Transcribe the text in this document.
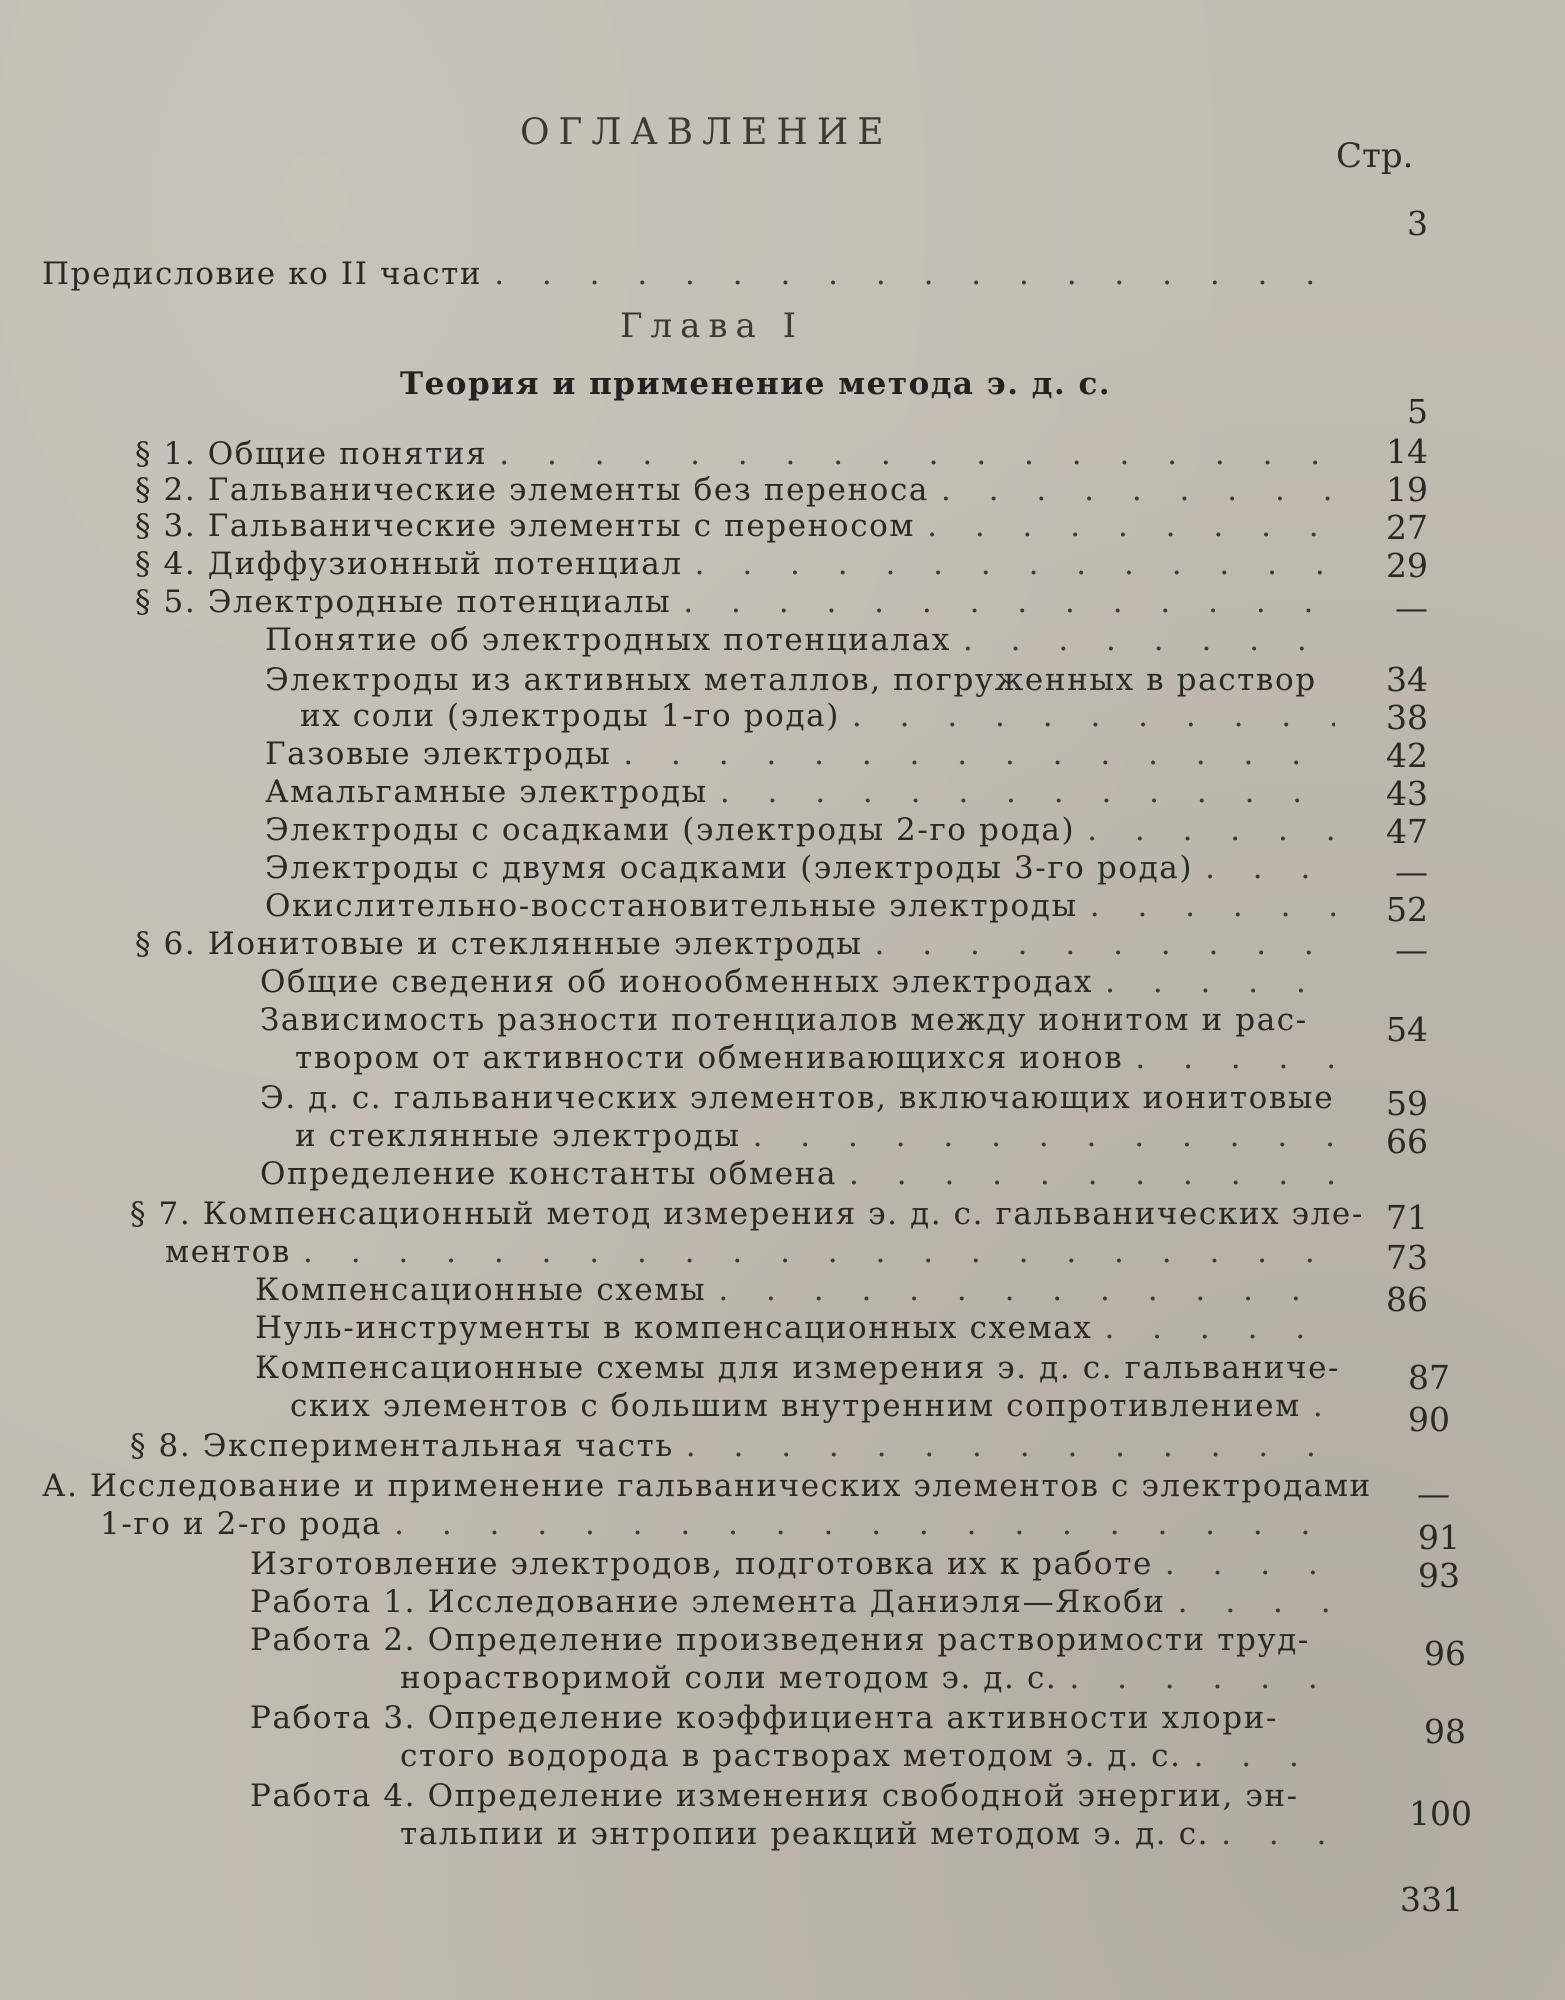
ОГЛАВЛЕНИЕ
Стр.
Предисловие ко II части
. . .
3
Глава I
Теория и применение метода э. д. с.
§ 1. Общие понятия
. . .
5
§ 2. Гальванические элементы без переноса
. . .
14
§ 3. Гальванические элементы с переносом
. . .
19
§ 4. Диффузионный потенциал
. . .
27
§ 5. Электродные потенциалы
. . .
29
Понятие об электродных потенциалах
. . .
—
Электроды из активных металлов, погруженных в раствор
их соли (электроды 1-го рода)
. . .
34
Газовые электроды
. . .
38
Амальгамные электроды
. . .
42
Электроды с осадками (электроды 2-го рода)
. . .
43
Электроды с двумя осадками (электроды 3-го рода)
. . .
47
Окислительно-восстановительные электроды
. . .
—
§ 6. Ионитовые и стеклянные электроды
. . .
52
Общие сведения об ионообменных электродах
. . .
—
Зависимость разности потенциалов между ионитом и рас-
твором от активности обменивающихся ионов
. . .
54
Э. д. с. гальванических элементов, включающих ионитовые
и стеклянные электроды
. . .
59
Определение константы обмена
. . .
66
§ 7. Компенсационный метод измерения э. д. с. гальванических эле-
ментов
. . .
71
Компенсационные схемы
. . .
73
Нуль-инструменты в компенсационных схемах
. . .
86
Компенсационные схемы для измерения э. д. с. гальваниче-
ских элементов с большим внутренним сопротивлением
. . .
87
§ 8. Экспериментальная часть
. . .
90
А. Исследование и применение гальванических элементов с электродами
1-го и 2-го рода
. . .
—
Изготовление электродов, подготовка их к работе
. . .
91
Работа 1. Исследование элемента Даниэля—Якоби
. . .
93
Работа 2. Определение произведения растворимости труд-
норастворимой соли методом э. д. с.
. . .
96
Работа 3. Определение коэффициента активности хлори-
стого водорода в растворах методом э. д. с.
. . .
98
Работа 4. Определение изменения свободной энергии, эн-
тальпии и энтропии реакций методом э. д. с.
. . .
100
331
